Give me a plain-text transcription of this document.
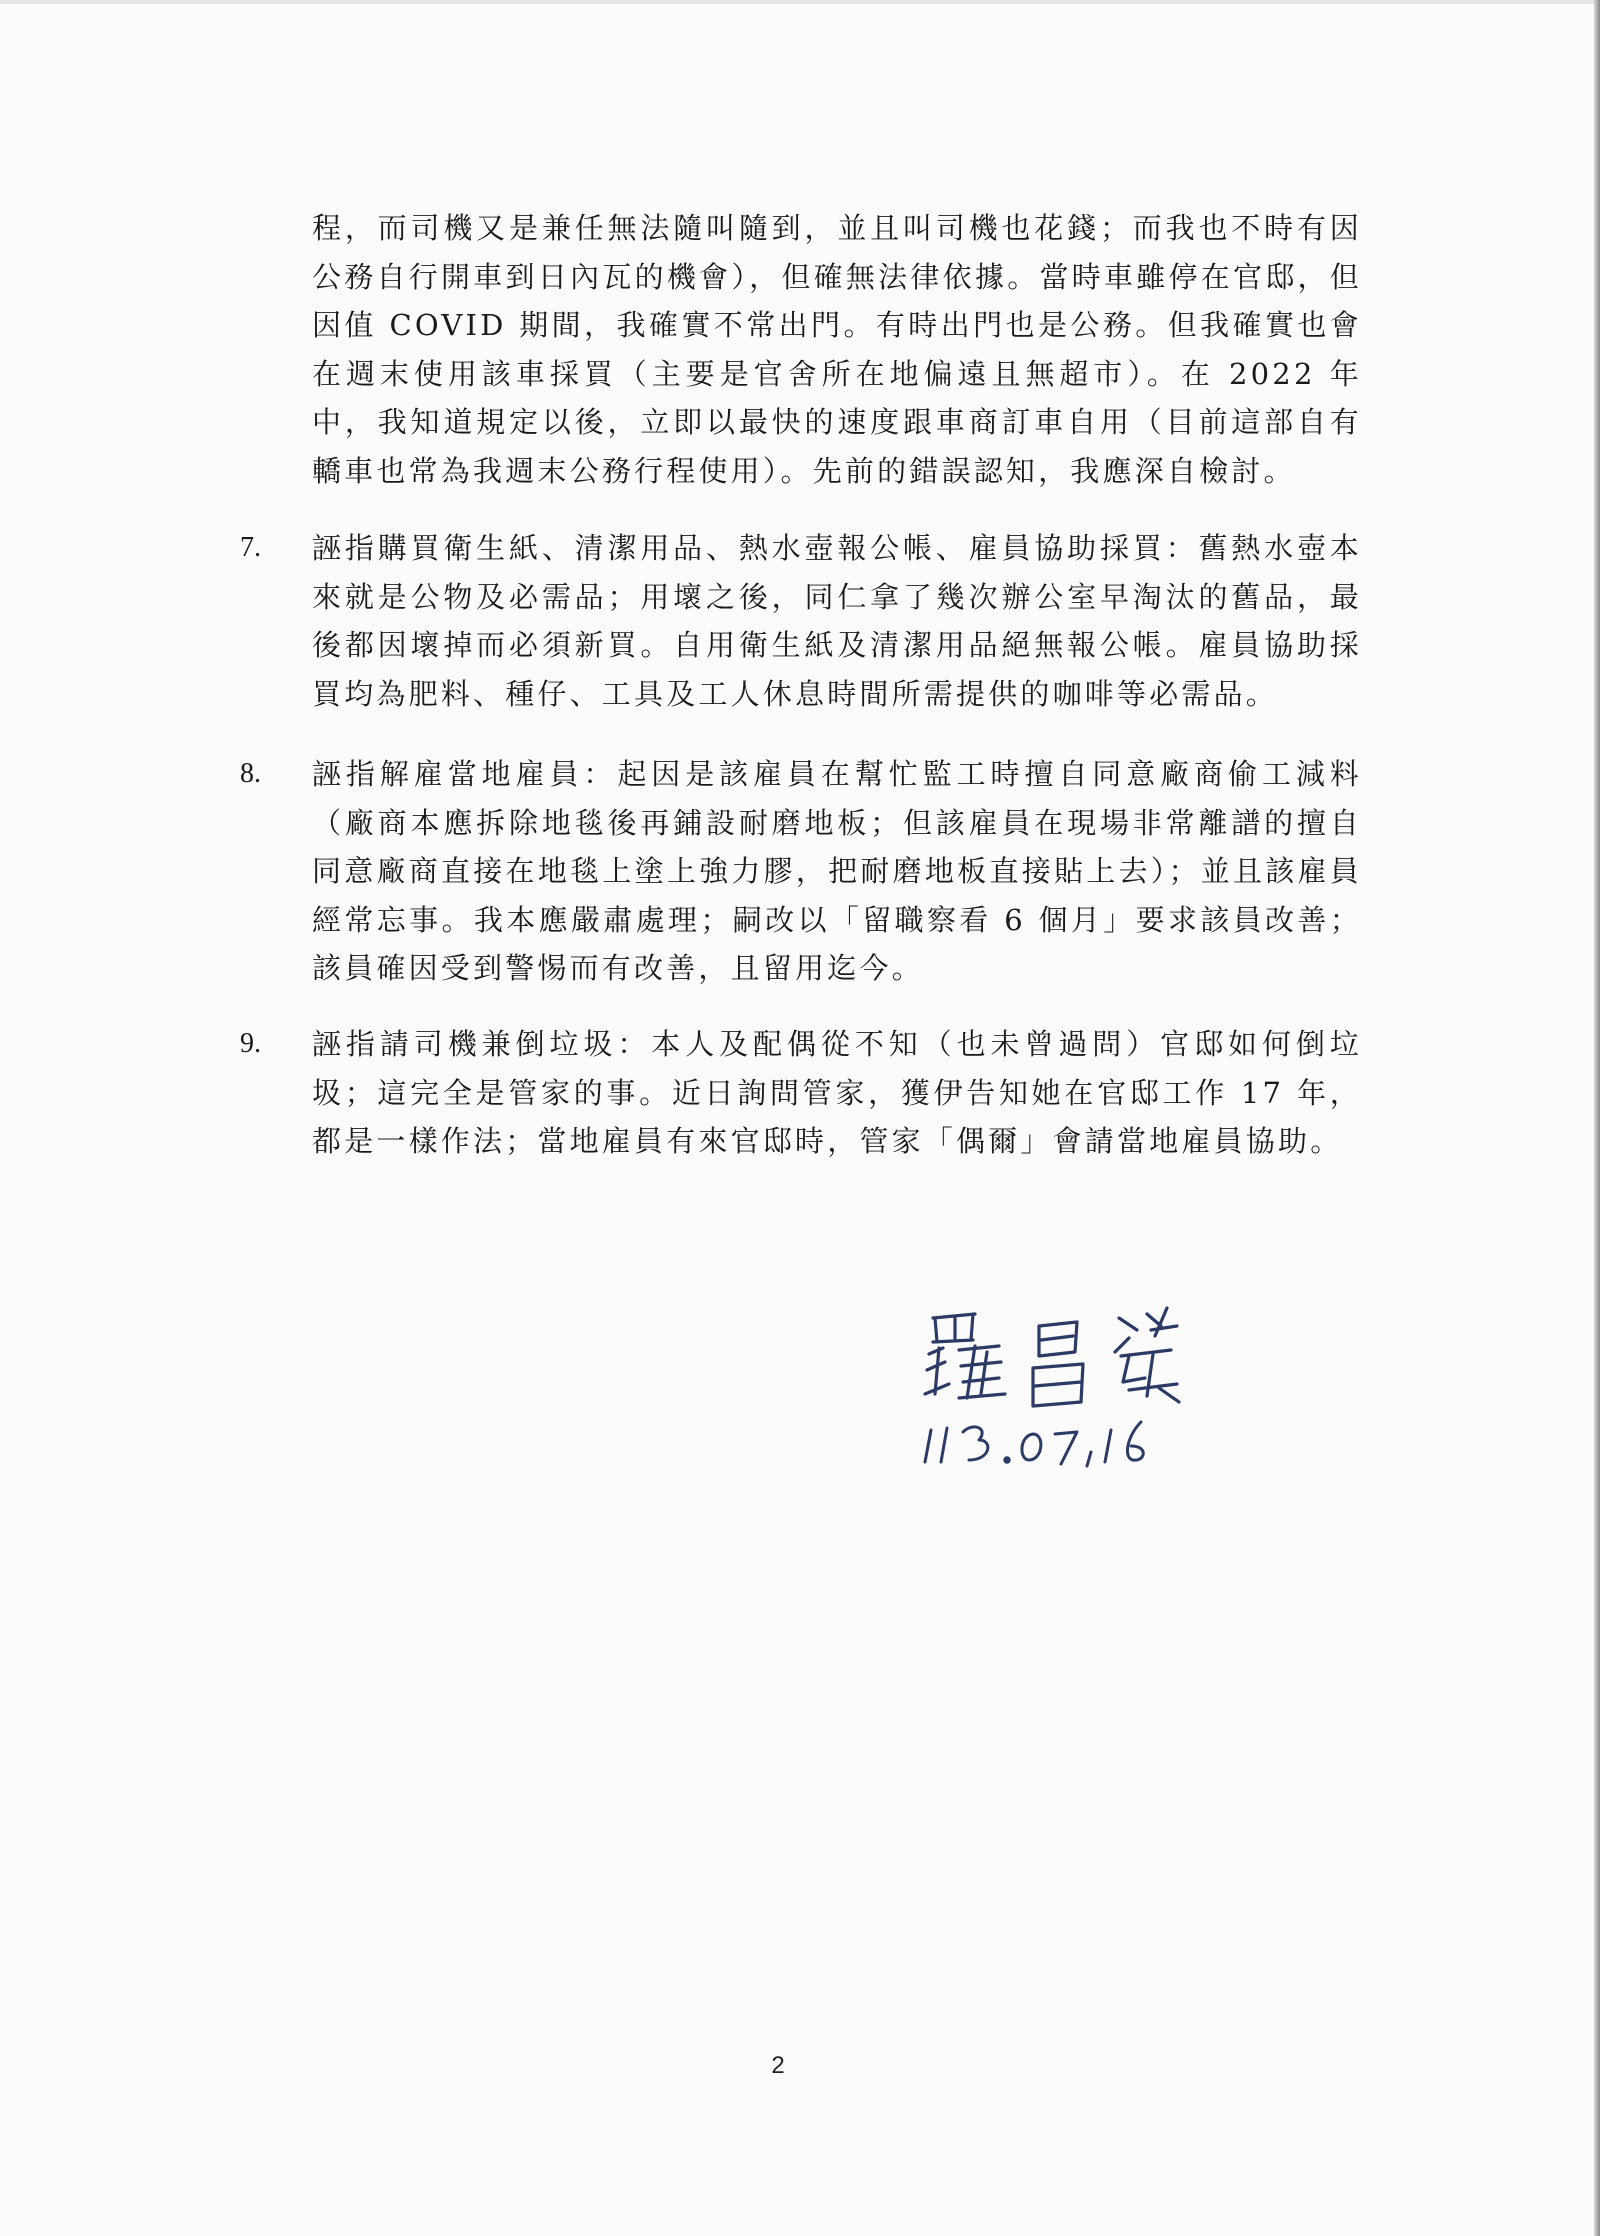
程，而司機又是兼任無法隨叫隨到，並且叫司機也花錢；而我也不時有因公務自行開車到日內瓦的機會），但確無法律依據。當時車雖停在官邸，但因值 COVID 期間，我確實不常出門。有時出門也是公務。但我確實也會在週末使用該車採買（主要是官舍所在地偏遠且無超市）。在 2022 年中，我知道規定以後，立即以最快的速度跟車商訂車自用（目前這部自有轎車也常為我週末公務行程使用）。先前的錯誤認知，我應深自檢討。

7. 誣指購買衛生紙、清潔用品、熱水壺報公帳、雇員協助採買：舊熱水壺本來就是公物及必需品；用壞之後，同仁拿了幾次辦公室早淘汰的舊品，最後都因壞掉而必須新買。自用衛生紙及清潔用品絕無報公帳。雇員協助採買均為肥料、種仔、工具及工人休息時間所需提供的咖啡等必需品。

8. 誣指解雇當地雇員：起因是該雇員在幫忙監工時擅自同意廠商偷工減料（廠商本應拆除地毯後再鋪設耐磨地板；但該雇員在現場非常離譜的擅自同意廠商直接在地毯上塗上強力膠，把耐磨地板直接貼上去）；並且該雇員經常忘事。我本應嚴肅處理；嗣改以「留職察看 6 個月」要求該員改善；該員確因受到警惕而有改善，且留用迄今。

9. 誣指請司機兼倒垃圾：本人及配偶從不知（也未曾過問）官邸如何倒垃圾；這完全是管家的事。近日詢問管家，獲伊告知她在官邸工作 17 年，都是一樣作法；當地雇員有來官邸時，管家「偶爾」會請當地雇員協助。

2
